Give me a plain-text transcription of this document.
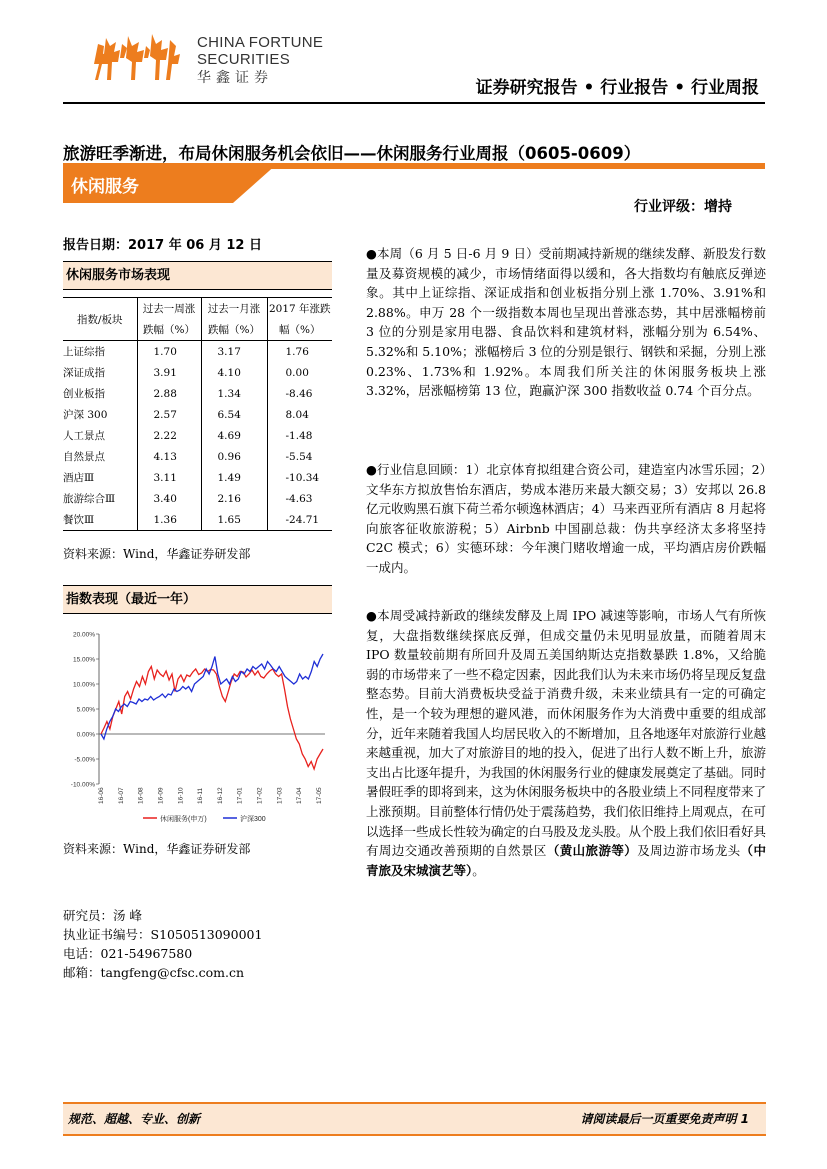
CHINA FORTUNE
SECURITIES
华鑫证券	证券研究报告 • 行业报告 • 行业周报
旅游旺季渐进，布局休闲服务机会依旧——休闲服务行业周报（0605-0609）
休闲服务
行业评级：增持
报告日期：2017 年 06 月 12 日
休闲服务市场表现
指数/板块	过去一周涨	过去一月涨	2017 年涨跌
	跌幅（%）	跌幅（%）	幅（%）
上证综指	1.70	3.17	1.76
深证成指	3.91	4.10	0.00
创业板指	2.88	1.34	-8.46
沪深 300	2.57	6.54	8.04
人工景点	2.22	4.69	-1.48
自然景点	4.13	0.96	-5.54
酒店Ⅲ	3.11	1.49	-10.34
旅游综合Ⅲ	3.40	2.16	-4.63
餐饮Ⅲ	1.36	1.65	-24.71
资料来源：Wind，华鑫证券研发部
指数表现（最近一年）
20.00%
15.00%
10.00%
5.00%
0.00%
-5.00%
-10.00%
16-06 16-07 16-08 16-09 16-10 16-11 16-12 17-01 17-02 17-03 17-04 17-05
休闲服务(申万)	沪深300
资料来源：Wind，华鑫证券研发部
研究员：汤 峰
执业证书编号：S1050513090001
电话：021-54967580
邮箱：tangfeng@cfsc.com.cn
●本周（6 月 5 日-6 月 9 日）受前期减持新规的继续发酵、新股发行数量及募资规模的减少，市场情绪面得以缓和，各大指数均有触底反弹迹象。其中上证综指、深证成指和创业板指分别上涨 1.70%、3.91%和 2.88%。申万 28 个一级指数本周也呈现出普涨态势，其中居涨幅榜前 3 位的分别是家用电器、食品饮料和建筑材料，涨幅分别为 6.54%、5.32%和 5.10%；涨幅榜后 3 位的分别是银行、钢铁和采掘，分别上涨 0.23%、1.73%和 1.92%。本周我们所关注的休闲服务板块上涨 3.32%，居涨幅榜第 13 位，跑赢沪深 300 指数收益 0.74 个百分点。
●行业信息回顾：1）北京体育拟组建合资公司，建造室内冰雪乐园；2）文华东方拟放售怡东酒店，势成本港历来最大额交易；3）安邦以 26.8 亿元收购黑石旗下荷兰希尔顿逸林酒店；4）马来西亚所有酒店 8 月起将向旅客征收旅游税；5）Airbnb 中国副总裁：伪共享经济太多将坚持 C2C 模式；6）实德环球：今年澳门赌收增逾一成，平均酒店房价跌幅一成内。
●本周受减持新政的继续发酵及上周 IPO 减速等影响，市场人气有所恢复，大盘指数继续探底反弹，但成交量仍未见明显放量，而随着周末 IPO 数量较前期有所回升及周五美国纳斯达克指数暴跌 1.8%，又给脆弱的市场带来了一些不稳定因素，因此我们认为未来市场仍将呈现反复盘整态势。目前大消费板块受益于消费升级，未来业绩具有一定的可确定性，是一个较为理想的避风港，而休闲服务作为大消费中重要的组成部分，近年来随着我国人均居民收入的不断增加，且各地逐年对旅游行业越来越重视，加大了对旅游目的地的投入，促进了出行人数不断上升，旅游支出占比逐年提升，为我国的休闲服务行业的健康发展奠定了基础。同时暑假旺季的即将到来，这为休闲服务板块中的各股业绩上不同程度带来了上涨预期。目前整体行情仍处于震荡趋势，我们依旧维持上周观点，在可以选择一些成长性较为确定的白马股及龙头股。从个股上我们依旧看好具有周边交通改善预期的自然景区（黄山旅游等）及周边游市场龙头（中青旅及宋城演艺等）。
规范、超越、专业、创新	请阅读最后一页重要免责声明 1
